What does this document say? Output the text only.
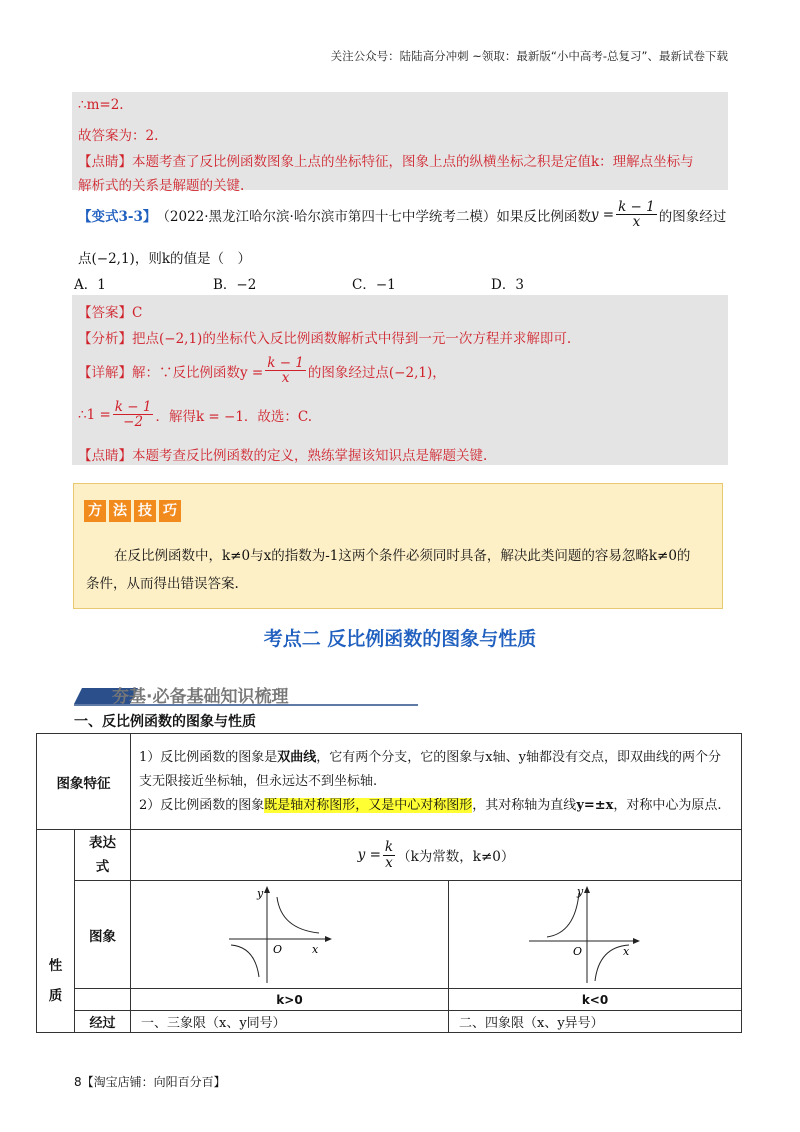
关注公众号：陆陆高分冲刺 ~领取：最新版“小中高考-总复习”、最新试卷下载
∴m=2.
故答案为：2.
【点睛】本题考查了反比例函数图象上点的坐标特征，图象上点的纵横坐标之积是定值k：理解点坐标与
解析式的关系是解题的关键.
【变式3-3】 （2022·黑龙江哈尔滨·哈尔滨市第四十七中学统考二模）如果反比例函数 $y = \frac{k - 1}{x}$ 的图象经过
点(−2,1)，则k的值是（　）
A．1	B．−2	C．−1	D．3
【答案】C
【分析】把点(−2,1)的坐标代入反比例函数解析式中得到一元一次方程并求解即可.
【详解】 解：∵反比例函数$y = \frac{k - 1}{x}$ 的图象经过点(−2,1)，
∴1 = $\frac{k - 1}{-2}$ ．解得k = −1．故选：C.
【点睛】本题考查反比例函数的定义，熟练掌握该知识点是解题关键.
方 法 技 巧
在反比例函数中，k≠0与x的指数为-1这两个条件必须同时具备，解决此类问题的容易忽略k≠0的
条件，从而得出错误答案.
考点二 反比例函数的图象与性质
夯基·必备基础知识梳理
一、反比例函数的图象与性质
图象特征		1）反比例函数的图象是双曲线，它有两个分支，它的图象与x轴、y轴都没有交点，即双曲线的两个分支无限接近坐标轴，但永远达不到坐标轴.
2）反比例函数的图象既是轴对称图形，又是中心对称图形，其对称轴为直线y=±x，对称中心为原点.	

性质	表达式	$y = \frac{k}{x} (k$为常数，k≠0）	

	图象	O x
y	O x
y

		k>0	k<0
	经过	一、三象限（x、y同号）	二、四象限（x、y异号）
8【淘宝店铺：向阳百分百】
